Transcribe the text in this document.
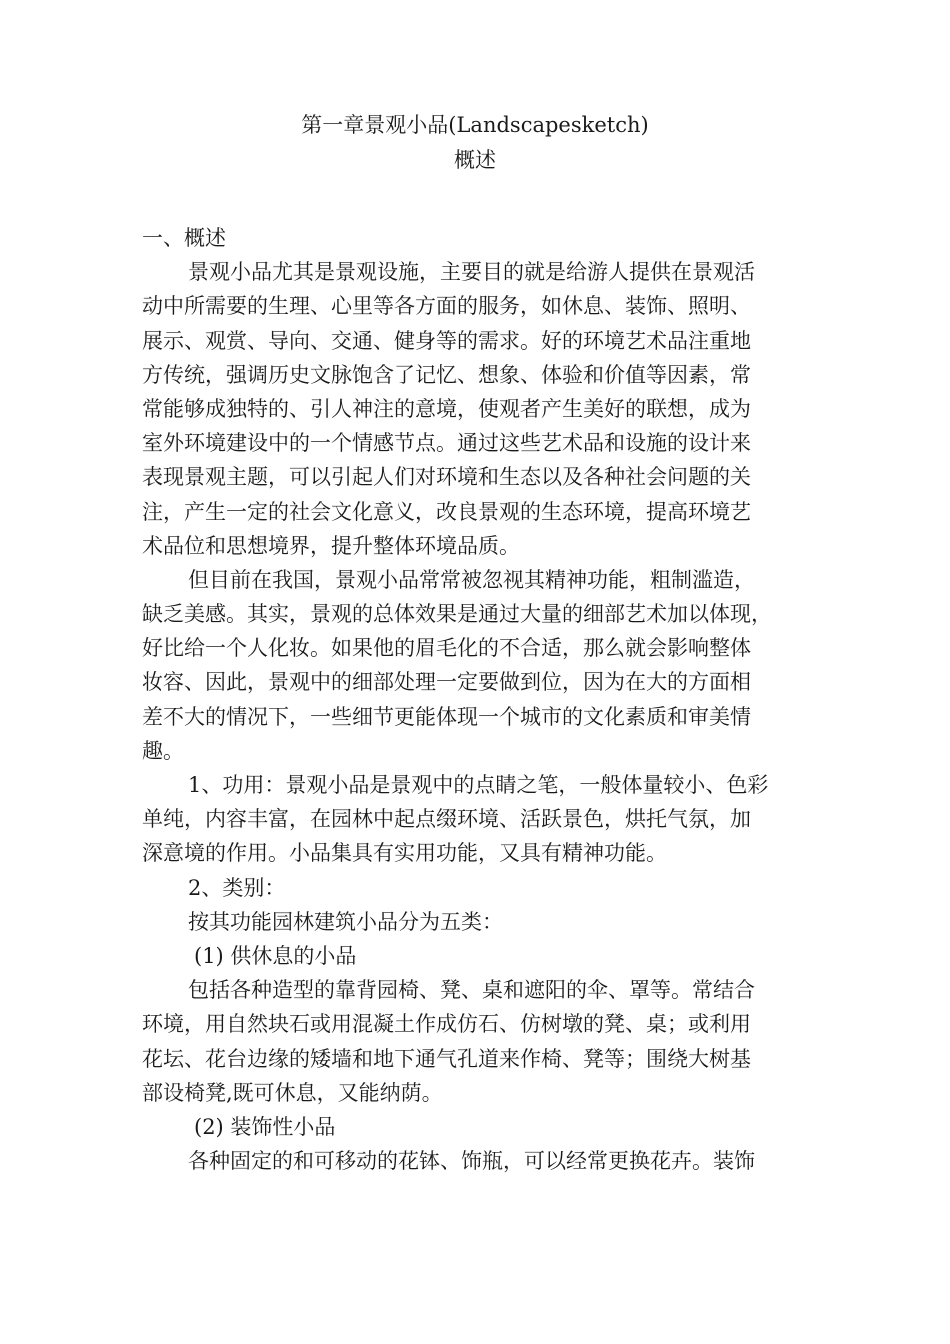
第一章景观小品(Landscapesketch)
概述
一、概述
景观小品尤其是景观设施，主要目的就是给游人提供在景观活
动中所需要的生理、心里等各方面的服务，如休息、装饰、照明、
展示、观赏、导向、交通、健身等的需求。好的环境艺术品注重地
方传统，强调历史文脉饱含了记忆、想象、体验和价值等因素，常
常能够成独特的、引人神注的意境，使观者产生美好的联想，成为
室外环境建设中的一个情感节点。通过这些艺术品和设施的设计来
表现景观主题，可以引起人们对环境和生态以及各种社会问题的关
注，产生一定的社会文化意义，改良景观的生态环境，提高环境艺
术品位和思想境界，提升整体环境品质。
但目前在我国，景观小品常常被忽视其精神功能，粗制滥造，
缺乏美感。其实，景观的总体效果是通过大量的细部艺术加以体现，
好比给一个人化妆。如果他的眉毛化的不合适，那么就会影响整体
妆容、因此，景观中的细部处理一定要做到位，因为在大的方面相
差不大的情况下，一些细节更能体现一个城市的文化素质和审美情
趣。
1、功用：景观小品是景观中的点睛之笔，一般体量较小、色彩
单纯，内容丰富，在园林中起点缀环境、活跃景色，烘托气氛，加
深意境的作用。小品集具有实用功能，又具有精神功能。
2、类别：
按其功能园林建筑小品分为五类：
(1) 供休息的小品
包括各种造型的靠背园椅、凳、桌和遮阳的伞、罩等。常结合
环境，用自然块石或用混凝土作成仿石、仿树墩的凳、桌；或利用
花坛、花台边缘的矮墙和地下通气孔道来作椅、凳等；围绕大树基
部设椅凳,既可休息，又能纳荫。
(2) 装饰性小品
各种固定的和可移动的花钵、饰瓶，可以经常更换花卉。装饰
